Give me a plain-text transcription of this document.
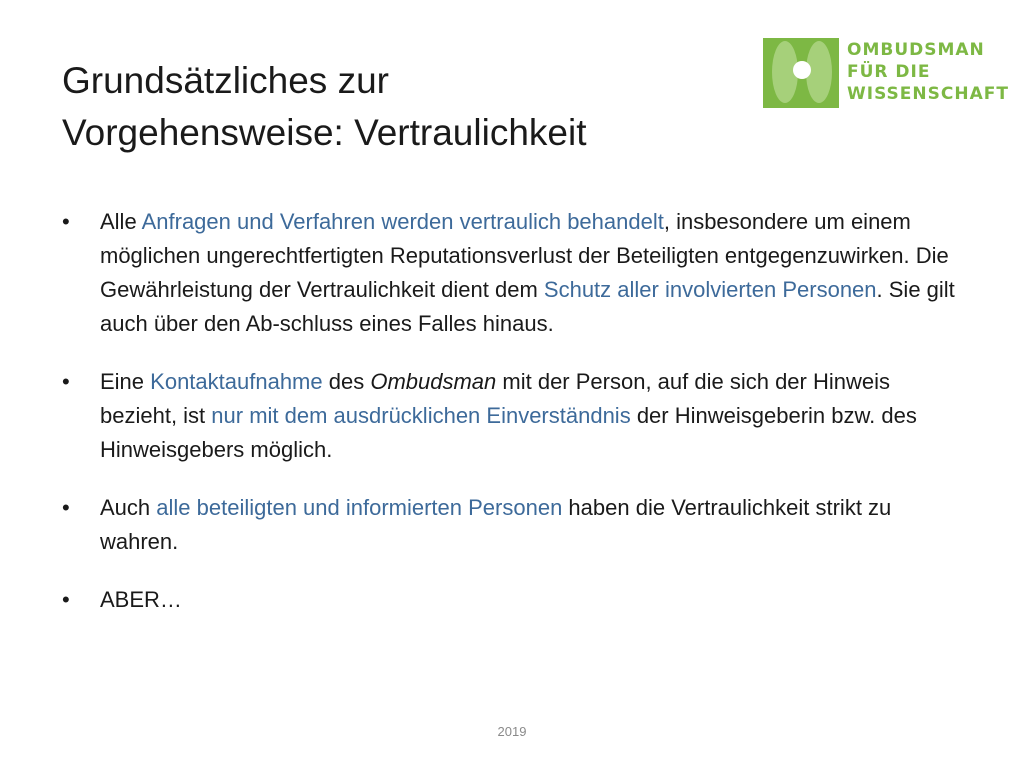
Grundsätzliches zur
Vorgehensweise: Vertraulichkeit
OMBUDSMAN
FÜR DIE
WISSENSCHAFT
• Alle Anfragen und Verfahren werden vertraulich behandelt, insbesondere um einem möglichen ungerechtfertigten Reputationsverlust der Beteiligten entgegenzuwirken. Die Gewährleistung der Vertraulichkeit dient dem Schutz aller involvierten Personen. Sie gilt auch über den Ab-schluss eines Falles hinaus.
• Eine Kontaktaufnahme des Ombudsman mit der Person, auf die sich der Hinweis bezieht, ist nur mit dem ausdrücklichen Einverständnis der Hinweisgeberin bzw. des Hinweisgebers möglich.
• Auch alle beteiligten und informierten Personen haben die Vertraulichkeit strikt zu wahren.
• ABER…
2019
